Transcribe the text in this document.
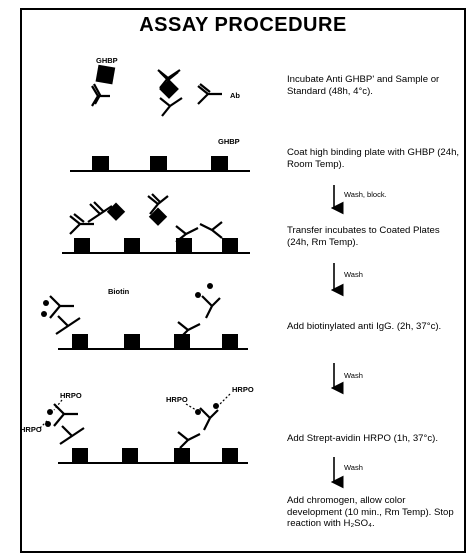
ASSAY PROCEDURE
GHBP
Ab
GHBP
Biotin
HRPO
HRPO
HRPO
HRPO
Incubate Anti GHBP' and Sample or Standard (48h, 4°c).
Coat high binding plate with GHBP (24h, Room Temp).
Transfer incubates to Coated Plates (24h, Rm Temp).
Add biotinylated anti IgG. (2h, 37°c).
Add Strept-avidin HRPO (1h, 37°c).
Add chromogen, allow color development (10 min., Rm Temp). Stop reaction with H₂SO₄.
Wash, block.
Wash
Wash
Wash
